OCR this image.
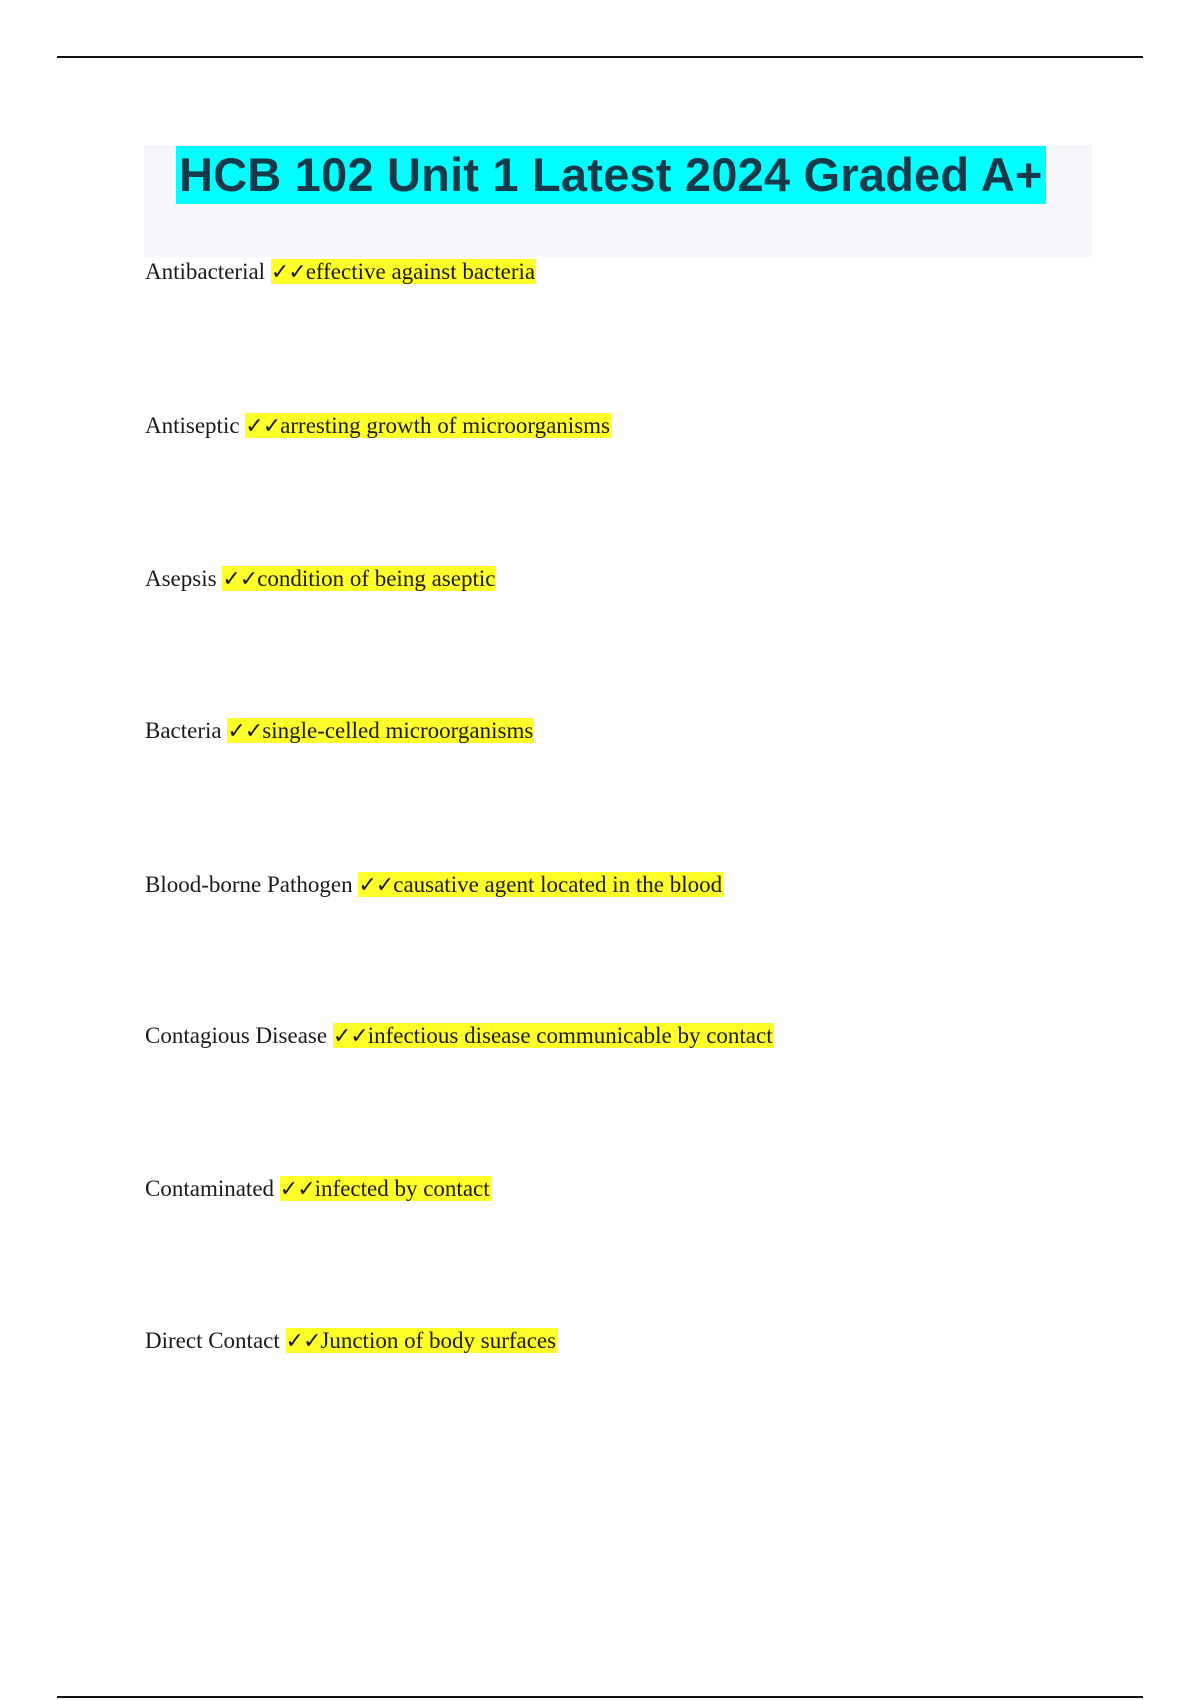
HCB 102 Unit 1 Latest 2024 Graded A+
Antibacterial ✓✓effective against bacteria
Antiseptic ✓✓arresting growth of microorganisms
Asepsis ✓✓condition of being aseptic
Bacteria ✓✓single-celled microorganisms
Blood-borne Pathogen ✓✓causative agent located in the blood
Contagious Disease ✓✓infectious disease communicable by contact
Contaminated ✓✓infected by contact
Direct Contact ✓✓Junction of body surfaces
